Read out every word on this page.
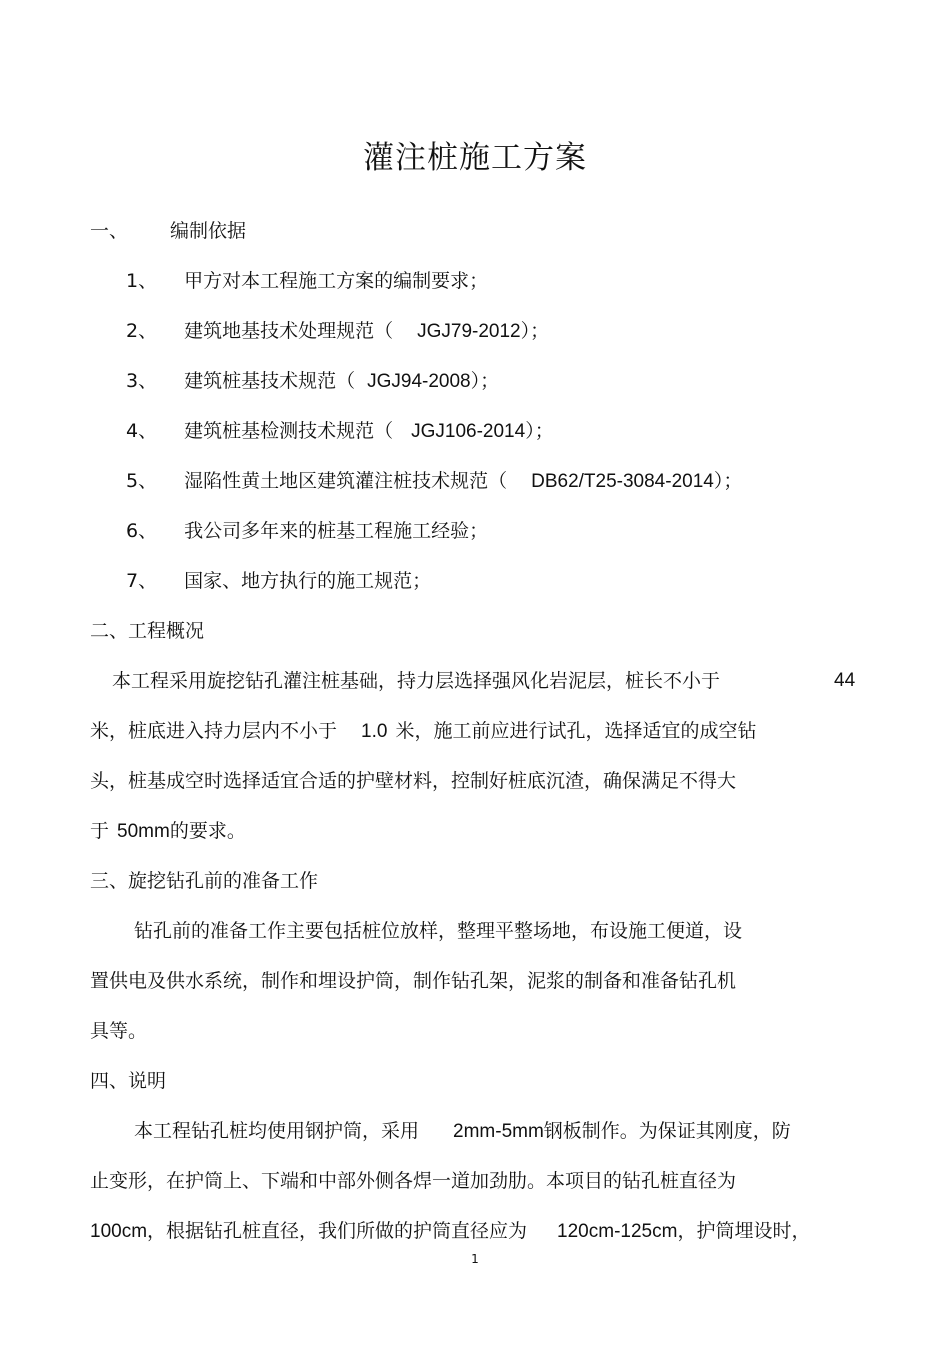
灌注桩施工方案
一、 编制依据
1、 甲方对本工程施工方案的编制要求；
2、 建筑地基技术处理规范（ JGJ79-2012）；
3、 建筑桩基技术规范（ JGJ94-2008）；
4、 建筑桩基检测技术规范（ JGJ106-2014）；
5、 湿陷性黄土地区建筑灌注桩技术规范（ DB62/T25-3084-2014）；
6、 我公司多年来的桩基工程施工经验；
7、 国家、地方执行的施工规范；
二、工程概况
本工程采用旋挖钻孔灌注桩基础，持力层选择强风化岩泥层，桩长不小于	44
米，桩底进入持力层内不小于 1.0 米，施工前应进行试孔，选择适宜的成空钻
头，桩基成空时选择适宜合适的护壁材料，控制好桩底沉渣，确保满足不得大
于 50mm的要求。
三、旋挖钻孔前的准备工作
钻孔前的准备工作主要包括桩位放样，整理平整场地，布设施工便道，设
置供电及供水系统，制作和埋设护筒，制作钻孔架，泥浆的制备和准备钻孔机
具等。
四、说明
本工程钻孔桩均使用钢护筒，采用 2mm-5mm钢板制作。为保证其刚度，防
止变形，在护筒上、下端和中部外侧各焊一道加劲肋。本项目的钻孔桩直径为
100cm，根据钻孔桩直径，我们所做的护筒直径应为 120cm-125cm，护筒埋设时，
1
